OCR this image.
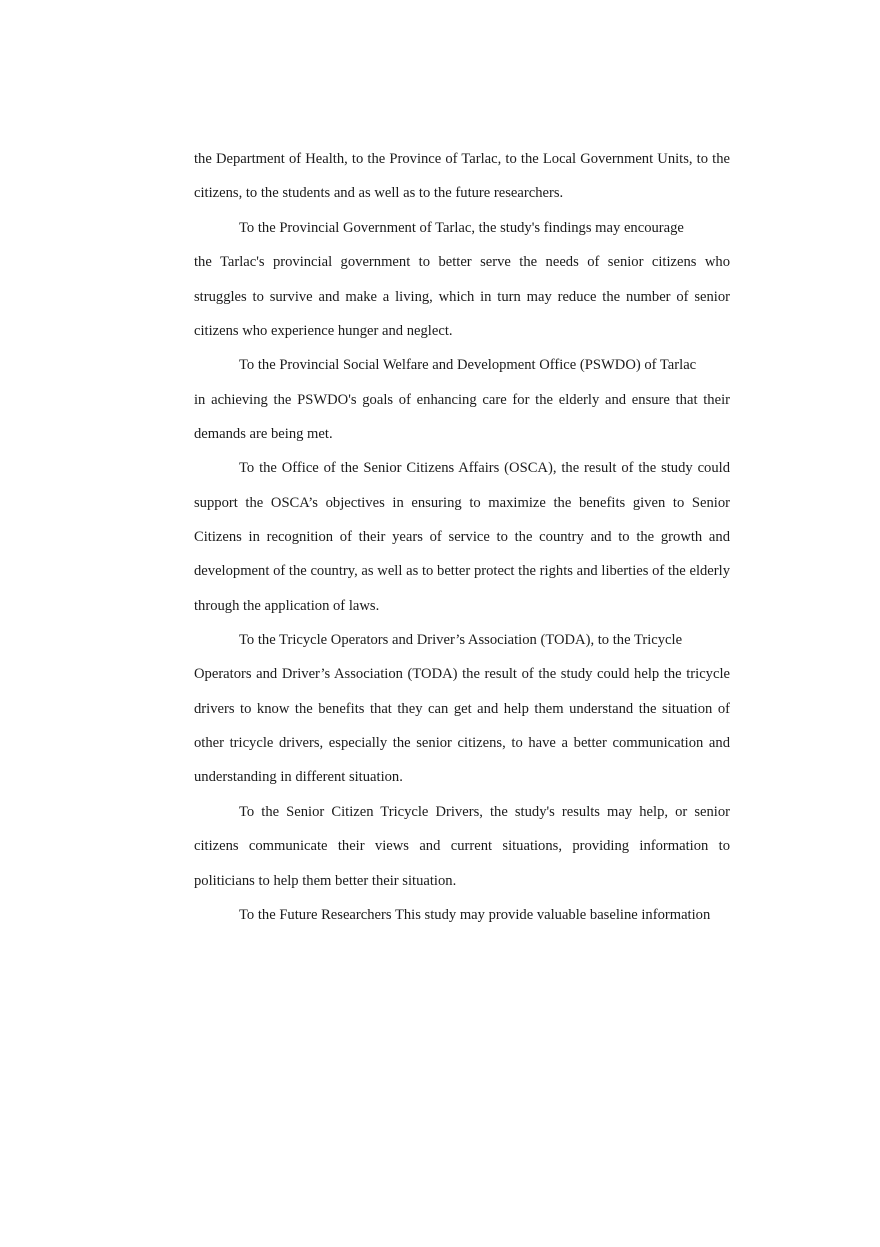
the Department of Health, to the Province of Tarlac, to the Local Government Units, to the
citizens, to the students and as well as to the future researchers.
To the Provincial Government of Tarlac, the study's findings may encourage
the Tarlac's provincial government to better serve the needs of senior citizens who
struggles to survive and make a living, which in turn may reduce the number of senior
citizens who experience hunger and neglect.
To the Provincial Social Welfare and Development Office (PSWDO) of Tarlac
in achieving the PSWDO's goals of enhancing care for the elderly and ensure that their
demands are being met.
To the Office of the Senior Citizens Affairs (OSCA), the result of the study could
support the OSCA’s objectives in ensuring to maximize the benefits given to Senior
Citizens in recognition of their years of service to the country and to the growth and
development of the country, as well as to better protect the rights and liberties of the elderly
through the application of laws.
To the Tricycle Operators and Driver’s Association (TODA), to the Tricycle
Operators and Driver’s Association (TODA) the result of the study could help the tricycle
drivers to know the benefits that they can get and help them understand the situation of
other tricycle drivers, especially the senior citizens, to have a better communication and
understanding in different situation.
To the Senior Citizen Tricycle Drivers, the study's results may help, or senior
citizens communicate their views and current situations, providing information to
politicians to help them better their situation.
To the Future Researchers This study may provide valuable baseline information
